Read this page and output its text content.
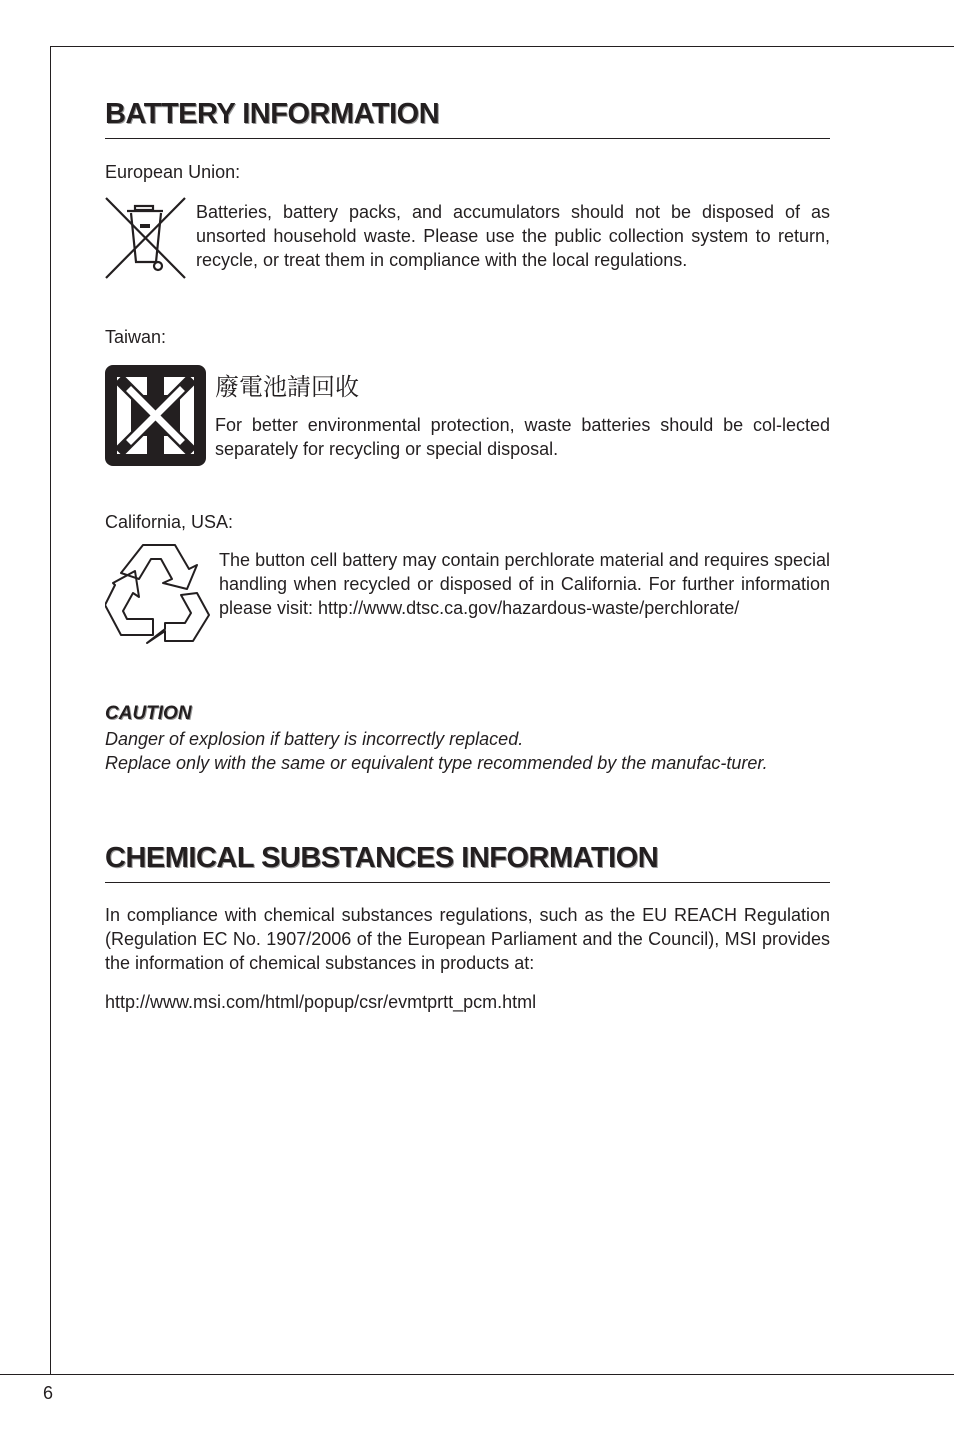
6
BATTERY INFORMATION
European Union:

Batteries, battery packs, and accumulators should not be disposed of as unsorted household waste. Please use the public collection system to return, recycle, or treat them in compliance with the local regulations.

Taiwan:
廢電池請回收

For better environmental protection, waste batteries should be col-lected separately for recycling or special disposal.

California, USA:

The button cell battery may contain perchlorate material and requires special handling when recycled or disposed of in California. For further information please visit: http://www.dtsc.ca.gov/hazardous-waste/perchlorate/

CAUTION

Danger of explosion if battery is incorrectly replaced.

Replace only with the same or equivalent type recommended by the manufac-turer.

CHEMICAL SUBSTANCES INFORMATION

In compliance with chemical substances regulations, such as the EU REACH Regulation (Regulation EC No. 1907/2006 of the European Parliament and the Council), MSI provides the information of chemical substances in products at:

http://www.msi.com/html/popup/csr/evmtprtt_pcm.html
